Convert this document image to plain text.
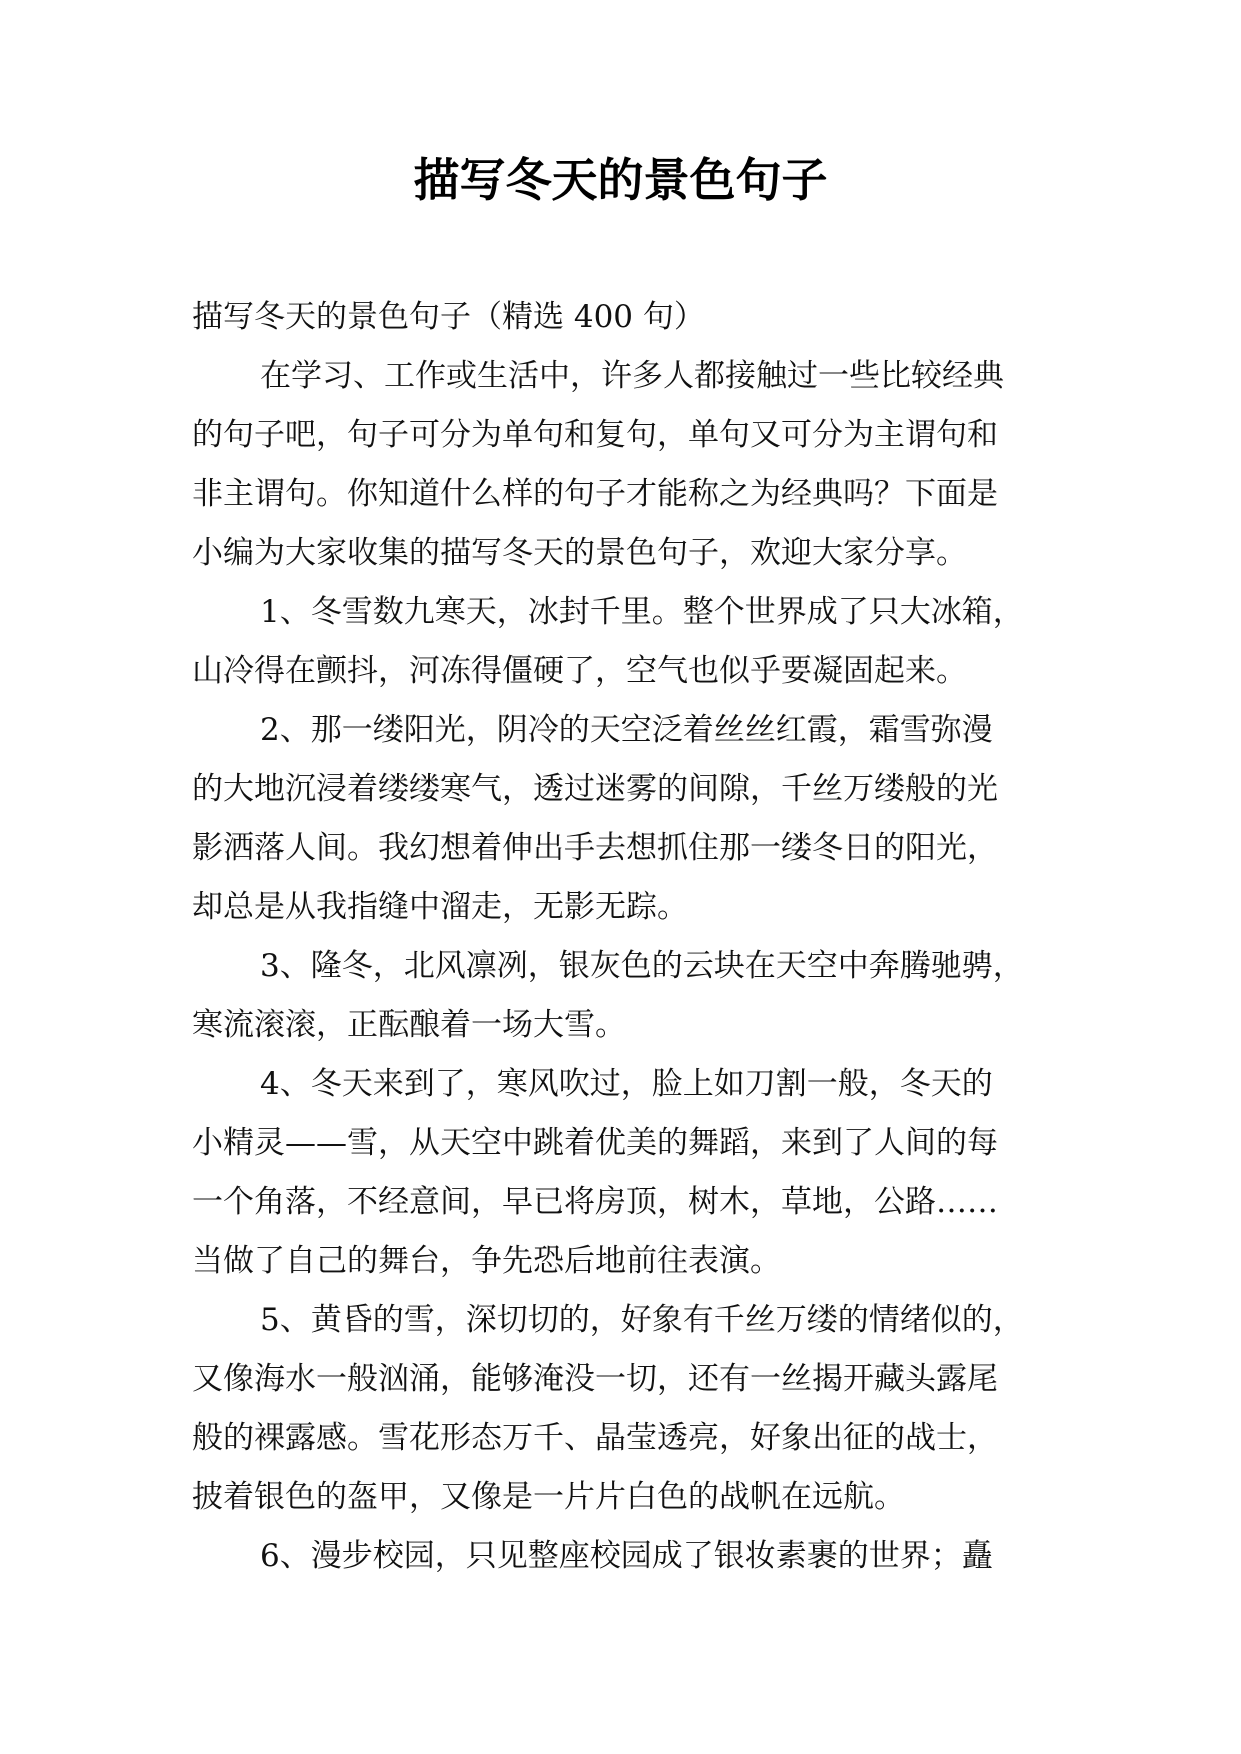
描写冬天的景色句子

描写冬天的景色句子（精选 400 句）

在学习、工作或生活中，许多人都接触过一些比较经典
的句子吧，句子可分为单句和复句，单句又可分为主谓句和
非主谓句。你知道什么样的句子才能称之为经典吗？下面是
小编为大家收集的描写冬天的景色句子，欢迎大家分享。

1、冬雪数九寒天，冰封千里。整个世界成了只大冰箱，
山冷得在颤抖，河冻得僵硬了，空气也似乎要凝固起来。

2、那一缕阳光，阴冷的天空泛着丝丝红霞，霜雪弥漫
的大地沉浸着缕缕寒气，透过迷雾的间隙，千丝万缕般的光
影洒落人间。我幻想着伸出手去想抓住那一缕冬日的阳光，
却总是从我指缝中溜走，无影无踪。

3、隆冬，北风凛冽，银灰色的云块在天空中奔腾驰骋，
寒流滚滚，正酝酿着一场大雪。

4、冬天来到了，寒风吹过，脸上如刀割一般，冬天的
小精灵——雪，从天空中跳着优美的舞蹈，来到了人间的每
一个角落，不经意间，早已将房顶，树木，草地，公路……
当做了自己的舞台，争先恐后地前往表演。

5、黄昏的雪，深切切的，好象有千丝万缕的情绪似的，
又像海水一般汹涌，能够淹没一切，还有一丝揭开藏头露尾
般的裸露感。雪花形态万千、晶莹透亮，好象出征的战士，
披着银色的盔甲，又像是一片片白色的战帆在远航。

6、漫步校园，只见整座校园成了银妆素裹的世界；矗
